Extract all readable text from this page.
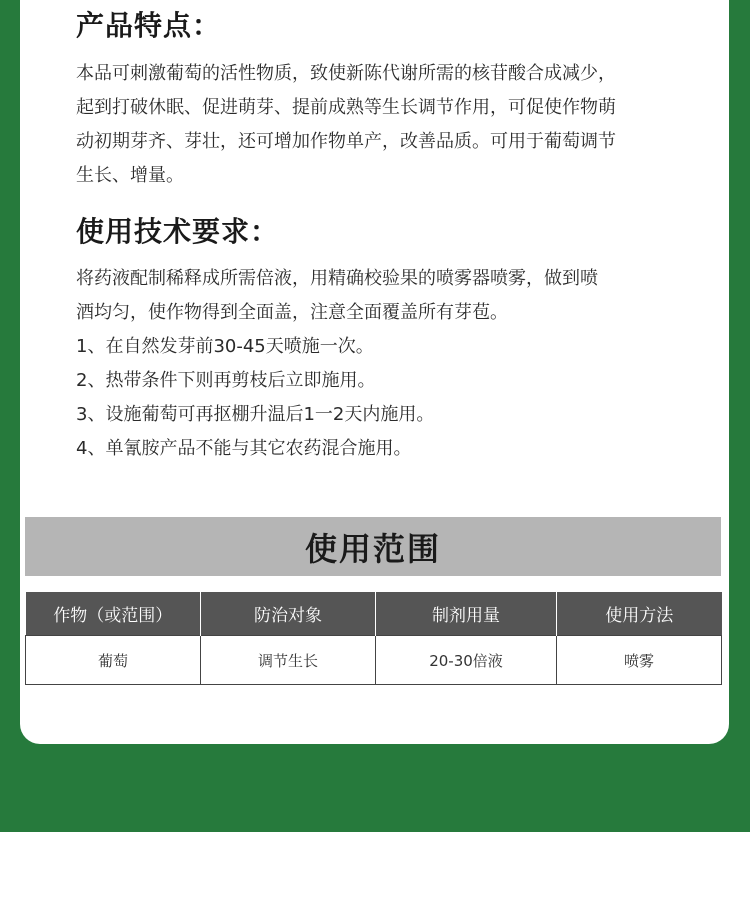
产品特点：

本品可刺激葡萄的活性物质，致使新陈代谢所需的核苷酸合成减少，

起到打破休眠、促进萌芽、提前成熟等生长调节作用，可促使作物萌

动初期芽齐、芽壮，还可增加作物单产，改善品质。可用于葡萄调节

生长、增量。

使用技术要求：

将药液配制稀释成所需倍液，用精确校验果的喷雾器喷雾，做到喷

酒均匀，使作物得到全面盖，注意全面覆盖所有芽苞。

1、在自然发芽前30-45天喷施一次。

2、热带条件下则再剪枝后立即施用。

3、设施葡萄可再抠棚升温后1一2天内施用。

4、单氰胺产品不能与其它农药混合施用。

使用范围
作物（或范围）	防治对象	制剂用量	使用方法
葡萄	调节生长	20-30倍液	喷雾
